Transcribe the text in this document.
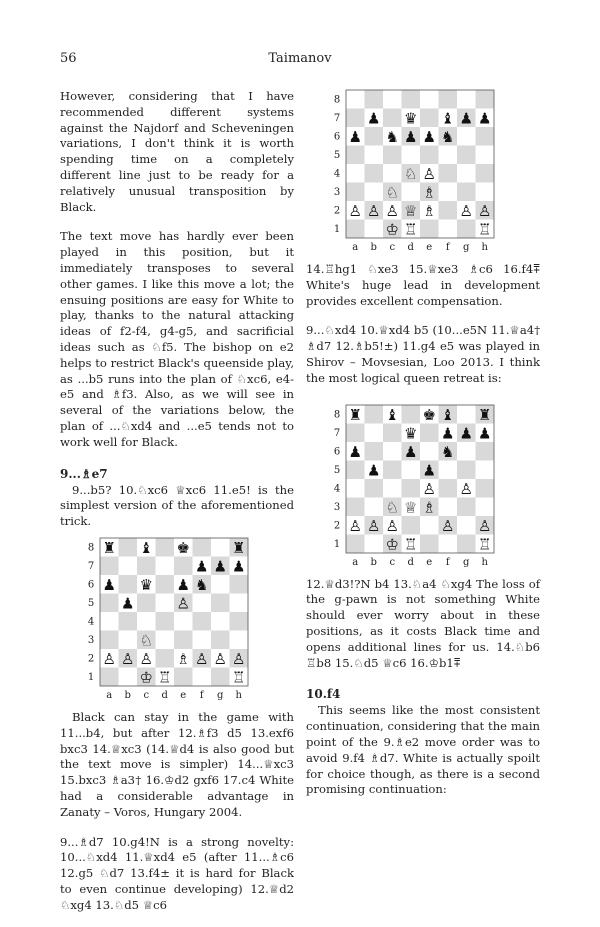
56	Taimanov

However, considering that I have recommended different systems against the Najdorf and Scheveningen variations, I don't think it is worth spending time on a completely different line just to be ready for a relatively unusual transposition by Black.

The text move has hardly ever been played in this position, but it immediately transposes to several other games. I like this move a lot; the ensuing positions are easy for White to play, thanks to the natural attacking ideas of f2-f4, g4-g5, and sacrificial ideas such as ♘f5. The bishop on e2 helps to restrict Black's queenside play, as ...b5 runs into the plan of ♘xc6, e4-e5 and ♗f3. Also, as we will see in several of the variations below, the plan of ...♘xd4 and ...e5 tends not to work well for Black.

9...♗e7

9...b5? 10.♘xc6 ♕xc6 11.e5! is the simplest version of the aforementioned trick.

♜ ♝ ♚	♜
8
♟ ♟ ♟
7
♟ ♛ ♟ ♞
6
♟	♙
5
4
♘
3
♙ ♙ ♙ ♗ ♙ ♙ ♙
2
♔ ♖	♖
1
a b c d e f g h

Black can stay in the game with 11...b4, but after 12.♗f3 d5 13.exf6 bxc3 14.♕xc3 (14.♕d4 is also good but the text move is simpler) 14...♕xc3 15.bxc3 ♗a3† 16.♔d2 gxf6 17.c4 White had a considerable advantage in Zanaty – Voros, Hungary 2004.

9...♗d7 10.g4!N is a strong novelty: 10...♘xd4 11.♕xd4 e5 (after 11...♗c6 12.g5 ♘d7 13.f4± it is hard for Black to even continue developing) 12.♕d2 ♘xg4 13.♘d5 ♕c6

8
♟ ♛ ♝ ♟ ♟
7
♟ ♞ ♟ ♟ ♞
6
5
♘ ♙
4
♘ ♗
3
♙ ♙ ♙ ♕ ♗ ♙ ♙
2
♔ ♖	♖
1
a b c d e f g h

14.♖hg1 ♘xe3 15.♕xe3 ♗c6 16.f4⩱ White's huge lead in development provides excellent compensation.

9...♘xd4 10.♕xd4 b5 (10...e5N 11.♕a4† ♗d7 12.♗b5!±) 11.g4 e5 was played in Shirov – Movsesian, Loo 2013. I think the most logical queen retreat is:

♜ ♝ ♚ ♝ ♜
8
♛ ♟ ♟ ♟
7
♟	♟ ♞
6
♟	♟
5
♙ ♙
4
♘ ♕ ♗
3
♙ ♙ ♙	♙ ♙
2
♔ ♖	♖
1
a b c d e f g h

12.♕d3!?N b4 13.♘a4 ♘xg4 The loss of the g-pawn is not something White should ever worry about in these positions, as it costs Black time and opens additional lines for us. 14.♘b6 ♖b8 15.♘d5 ♕c6 16.♔b1⩱

10.f4

This seems like the most consistent continuation, considering that the main point of the 9.♗e2 move order was to avoid 9.f4 ♗d7. White is actually spoilt for choice though, as there is a second promising continuation:
